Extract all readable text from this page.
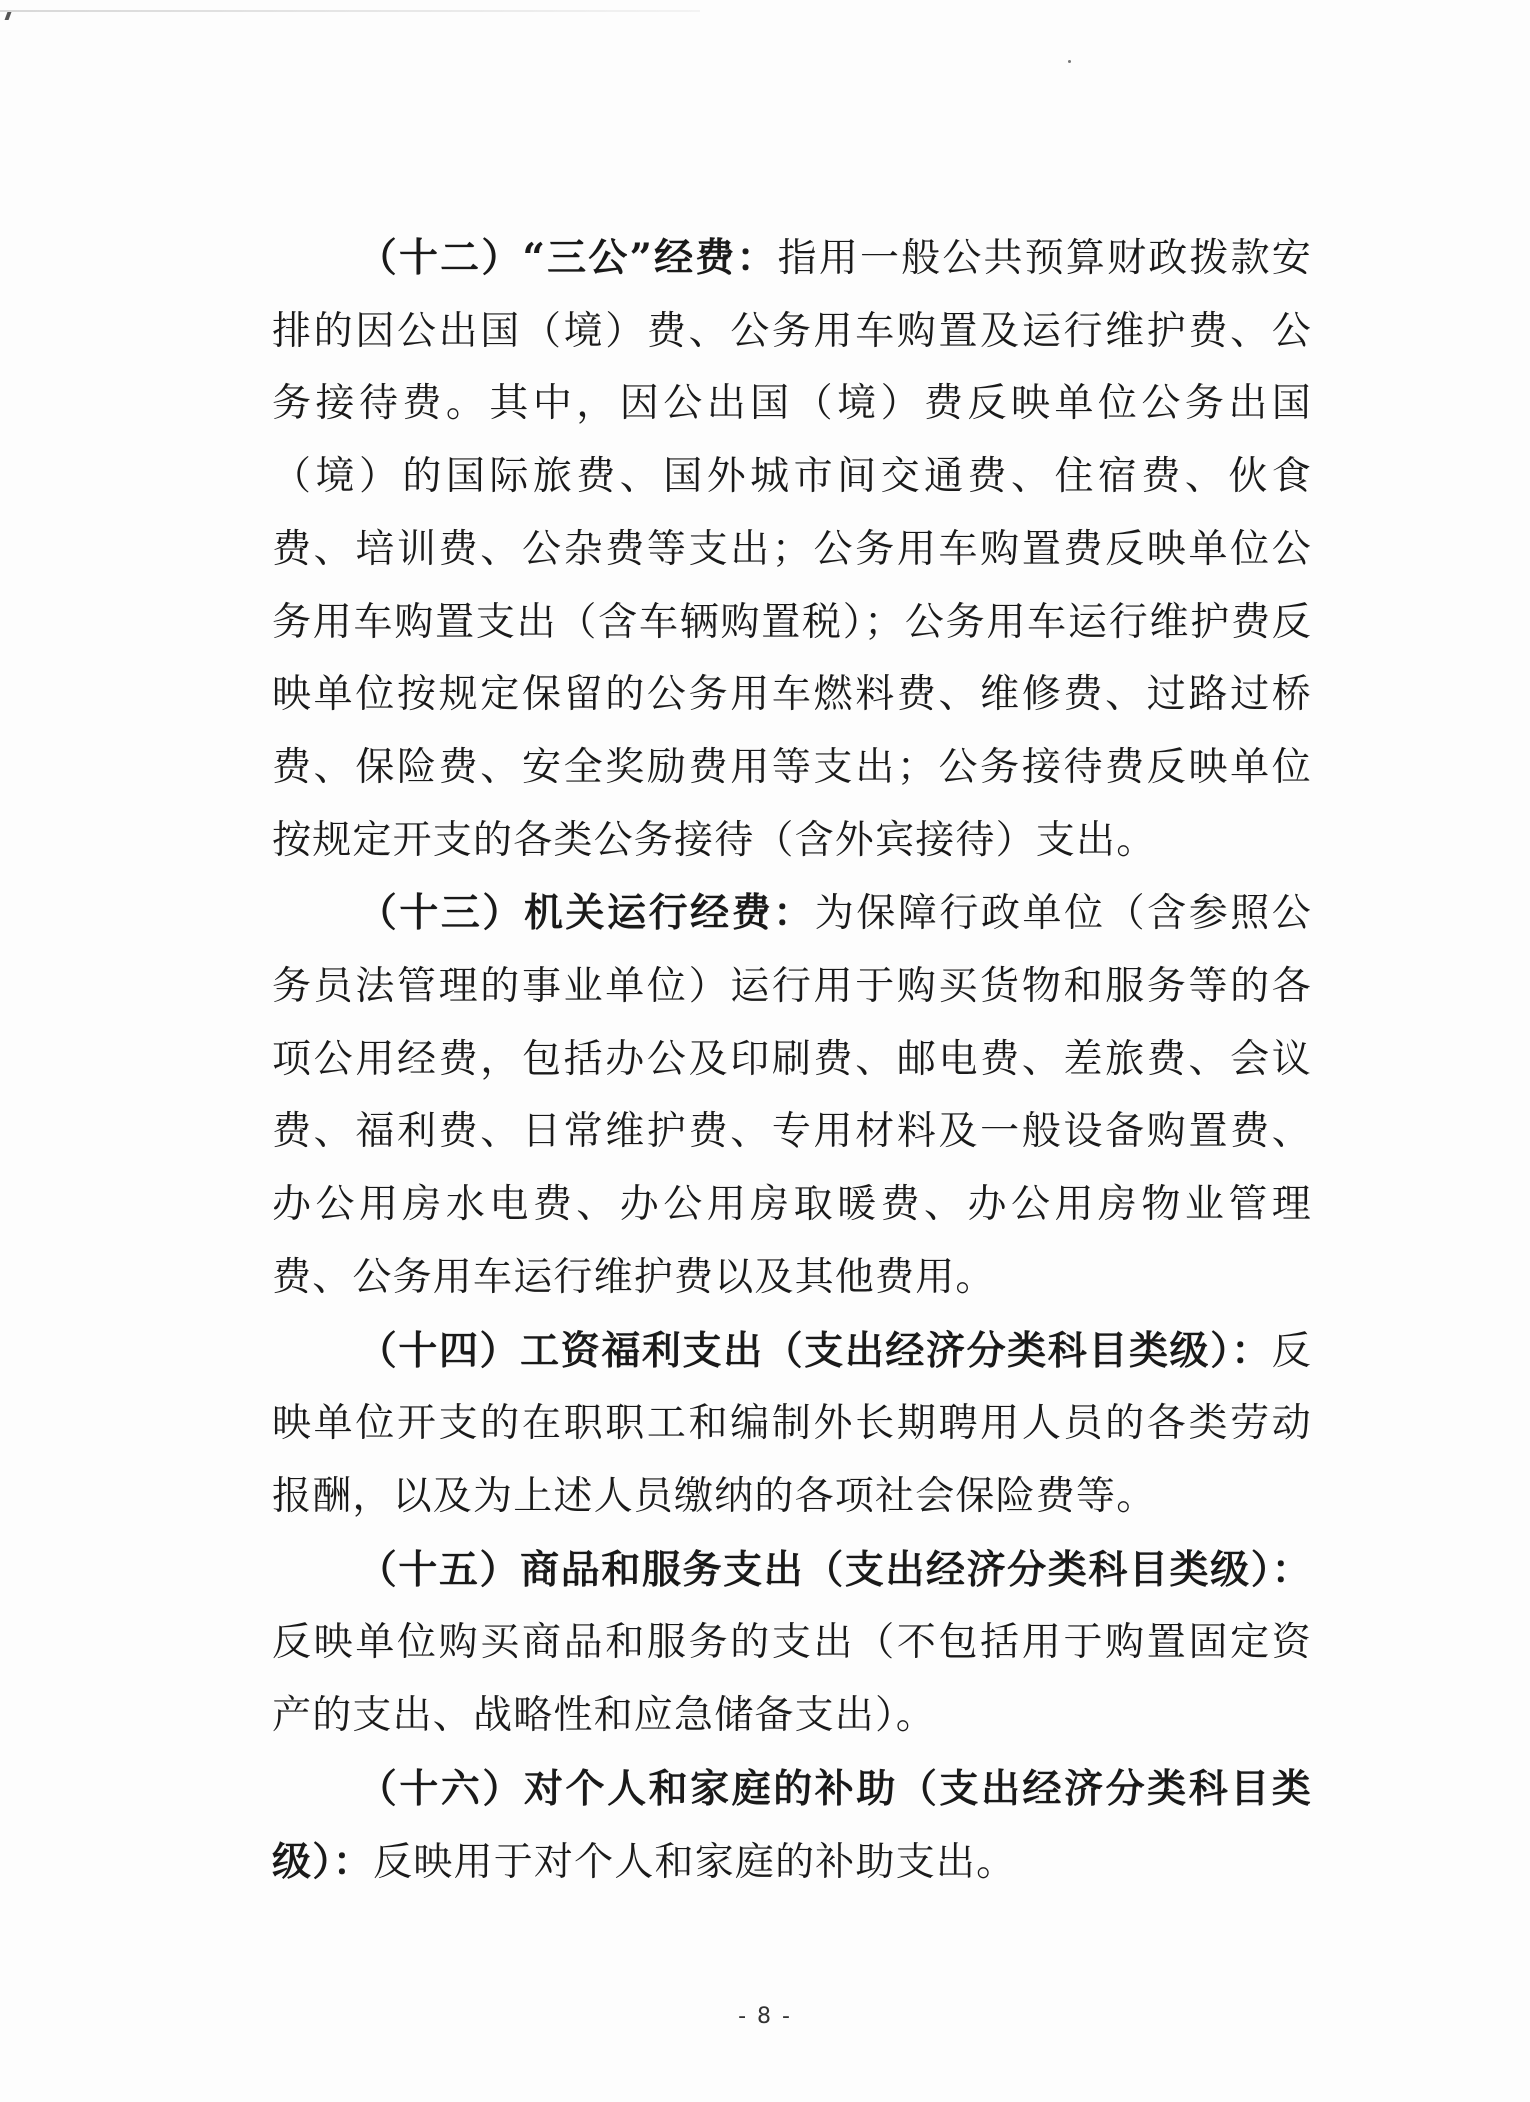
（十二）“三公”经费：指用一般公共预算财政拨款安排的因公出国（境）费、公务用车购置及运行维护费、公务接待费。其中，因公出国（境）费反映单位公务出国（境）的国际旅费、国外城市间交通费、住宿费、伙食费、培训费、公杂费等支出；公务用车购置费反映单位公务用车购置支出（含车辆购置税）；公务用车运行维护费反映单位按规定保留的公务用车燃料费、维修费、过路过桥费、保险费、安全奖励费用等支出；公务接待费反映单位按规定开支的各类公务接待（含外宾接待）支出。

（十三）机关运行经费：为保障行政单位（含参照公务员法管理的事业单位）运行用于购买货物和服务等的各项公用经费，包括办公及印刷费、邮电费、差旅费、会议费、福利费、日常维护费、专用材料及一般设备购置费、办公用房水电费、办公用房取暖费、办公用房物业管理费、公务用车运行维护费以及其他费用。

（十四）工资福利支出（支出经济分类科目类级）：反映单位开支的在职职工和编制外长期聘用人员的各类劳动报酬，以及为上述人员缴纳的各项社会保险费等。

（十五）商品和服务支出（支出经济分类科目类级）：反映单位购买商品和服务的支出（不包括用于购置固定资产的支出、战略性和应急储备支出）。

（十六）对个人和家庭的补助（支出经济分类科目类级）：反映用于对个人和家庭的补助支出。

- 8 -
